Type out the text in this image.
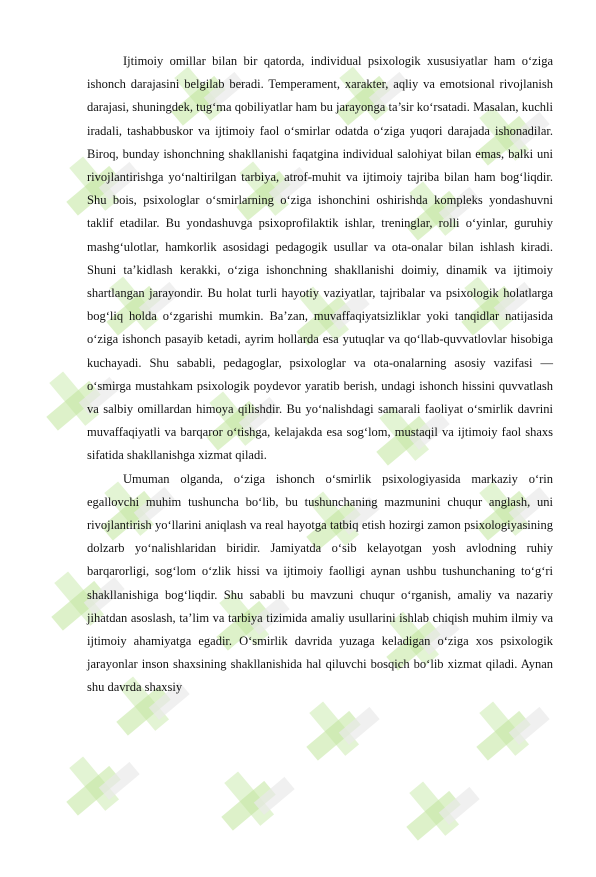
Ijtimoiy omillar bilan bir qatorda, individual psixologik xususiyatlar ham o‘ziga ishonch darajasini belgilab beradi. Temperament, xarakter, aqliy va emotsional rivojlanish darajasi, shuningdek, tug‘ma qobiliyatlar ham bu jarayonga ta’sir ko‘rsatadi. Masalan, kuchli iradali, tashabbuskor va ijtimoiy faol o‘smirlar odatda o‘ziga yuqori darajada ishonadilar. Biroq, bunday ishonchning shakllanishi faqatgina individual salohiyat bilan emas, balki uni rivojlantirishga yo‘naltirilgan tarbiya, atrof-muhit va ijtimoiy tajriba bilan ham bog‘liqdir. Shu bois, psixologlar o‘smirlarning o‘ziga ishonchini oshirishda kompleks yondashuvni taklif etadilar. Bu yondashuvga psixoprofilaktik ishlar, treninglar, rolli o‘yinlar, guruhiy mashg‘ulotlar, hamkorlik asosidagi pedagogik usullar va ota-onalar bilan ishlash kiradi. Shuni ta’kidlash kerakki, o‘ziga ishonchning shakllanishi doimiy, dinamik va ijtimoiy shartlangan jarayondir. Bu holat turli hayotiy vaziyatlar, tajribalar va psixologik holatlarga bog‘liq holda o‘zgarishi mumkin. Ba’zan, muvaffaqiyatsizliklar yoki tanqidlar natijasida o‘ziga ishonch pasayib ketadi, ayrim hollarda esa yutuqlar va qo‘llab-quvvatlovlar hisobiga kuchayadi. Shu sababli, pedagoglar, psixologlar va ota-onalarning asosiy vazifasi — o‘smirga mustahkam psixologik poydevor yaratib berish, undagi ishonch hissini quvvatlash va salbiy omillardan himoya qilishdir. Bu yo‘nalishdagi samarali faoliyat o‘smirlik davrini muvaffaqiyatli va barqaror o‘tishga, kelajakda esa sog‘lom, mustaqil va ijtimoiy faol shaxs sifatida shakllanishga xizmat qiladi.

Umuman olganda, o‘ziga ishonch o‘smirlik psixologiyasida markaziy o‘rin egallovchi muhim tushuncha bo‘lib, bu tushunchaning mazmunini chuqur anglash, uni rivojlantirish yo‘llarini aniqlash va real hayotga tatbiq etish hozirgi zamon psixologiyasining dolzarb yo‘nalishlaridan biridir. Jamiyatda o‘sib kelayotgan yosh avlodning ruhiy barqarorligi, sog‘lom o‘zlik hissi va ijtimoiy faolligi aynan ushbu tushunchaning to‘g‘ri shakllanishiga bog‘liqdir. Shu sababli bu mavzuni chuqur o‘rganish, amaliy va nazariy jihatdan asoslash, ta’lim va tarbiya tizimida amaliy usullarini ishlab chiqish muhim ilmiy va ijtimoiy ahamiyatga egadir. O‘smirlik davrida yuzaga keladigan o‘ziga xos psixologik jarayonlar inson shaxsining shakllanishida hal qiluvchi bosqich bo‘lib xizmat qiladi. Aynan shu davrda shaxsiy
